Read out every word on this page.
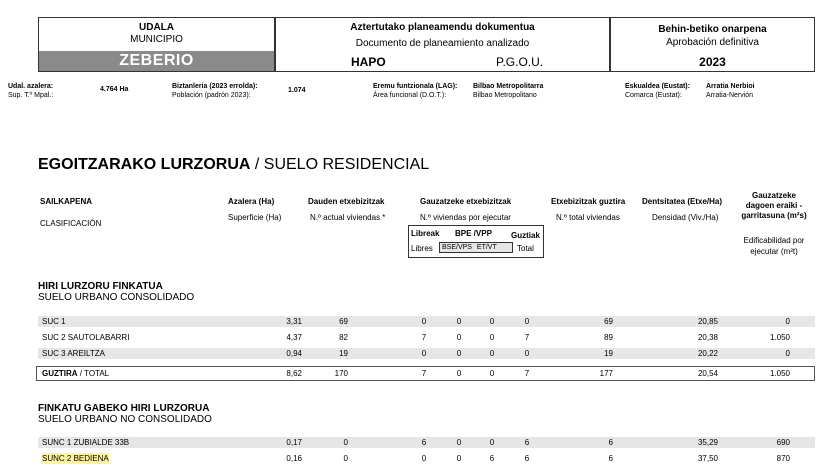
UDALA
MUNICIPIO
ZEBERIO
Aztertutako planeamendu dokumentua
Documento de planeamiento analizado
HAPO	P.G.O.U.
Behin-betiko onarpena
Aprobación definitiva
2023
Udal. azalera:
Sup. T.º Mpal.:
4.764 Ha	Biztanleria (2023 erroldа):
Población (padrón 2023):
1.074
Eremu funtzionala (LAG):
Área funcional (D.O.T.):
Bilbao Metropolitarra
Bilbao Metropolitano
Eskualdea (Eustat):
Comarca (Eustat):
Arratia Nerbioi
Arratia-Nervión
EGOITZARAKO LURZORUA / SUELO RESIDENCIAL
SAILKAPENA
CLASIFICACIÓN
Azalera (Ha)
Superficie (Ha)
Dauden etxebizitzak
N.º actual viviendas *
Gauzatzeke etxebizitzak
N.º viviendas por ejecutar
Libreak
Libres
BPE /VPP
BSE/VPS ET/VT
Guztiak
Total
Etxebizitzak guztira
N.º total viviendas
Dentsitatea (Etxe/Ha)
Densidad (Viv./Ha)
Gauzatzeke
dagoen eraiki -
garritasuna (m²s)
Edificabilidad por
ejecutar (m²t)
HIRI LURZORU FINKATUA
SUELO URBANO CONSOLIDADO
SUC 1	3,31	69	0	0	0	0	69	20,85	0
SUC 2 SAUTOLABARRI	4,37	82	7	0	0	7	89	20,38	1.050
SUC 3 AREILTZA	0,94	19	0	0	0	0	19	20,22	0
GUZTIRA / TOTAL	8,62	170	7	0	0	7	177	20,54	1.050
FINKATU GABEKO HIRI LURZORUA
SUELO URBANO NO CONSOLIDADO
SUNC 1 ZUBIALDE 33B	0,17	0	6	0	0	6	6	35,29	690
SUNC 2 BEDIENA	0,16	0	0	0	6	6	6	37,50	870
